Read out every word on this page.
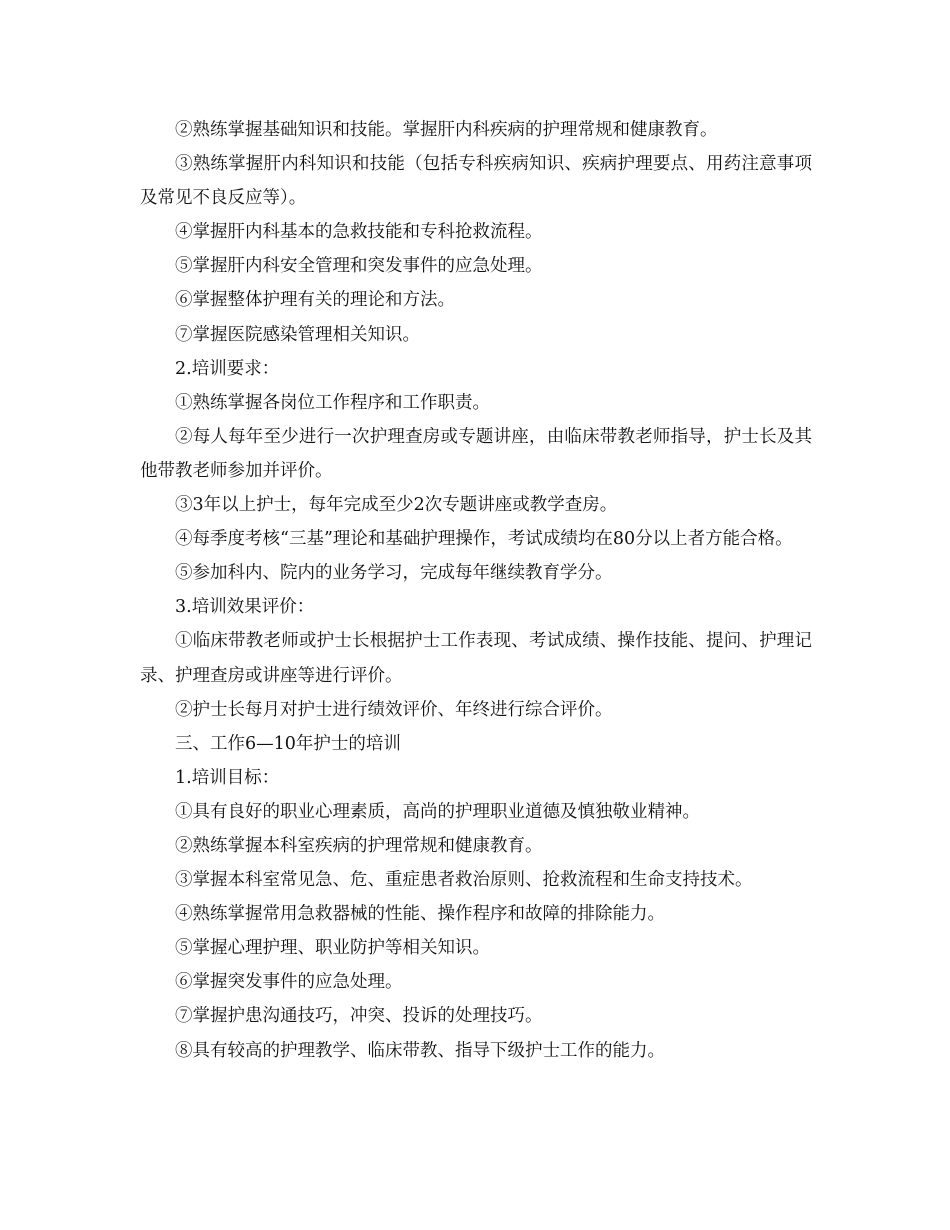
②熟练掌握基础知识和技能。掌握肝内科疾病的护理常规和健康教育。

③熟练掌握肝内科知识和技能（包括专科疾病知识、疾病护理要点、用药注意事项及常见不良反应等）。

④掌握肝内科基本的急救技能和专科抢救流程。

⑤掌握肝内科安全管理和突发事件的应急处理。

⑥掌握整体护理有关的理论和方法。

⑦掌握医院感染管理相关知识。

2.培训要求：

①熟练掌握各岗位工作程序和工作职责。

②每人每年至少进行一次护理查房或专题讲座，由临床带教老师指导，护士长及其他带教老师参加并评价。

③3年以上护士，每年完成至少2次专题讲座或教学查房。

④每季度考核“三基”理论和基础护理操作，考试成绩均在80分以上者方能合格。

⑤参加科内、院内的业务学习，完成每年继续教育学分。

3.培训效果评价：

①临床带教老师或护士长根据护士工作表现、考试成绩、操作技能、提问、护理记录、护理查房或讲座等进行评价。

②护士长每月对护士进行绩效评价、年终进行综合评价。

三、工作6—10年护士的培训

1.培训目标：

①具有良好的职业心理素质，高尚的护理职业道德及慎独敬业精神。

②熟练掌握本科室疾病的护理常规和健康教育。

③掌握本科室常见急、危、重症患者救治原则、抢救流程和生命支持技术。

④熟练掌握常用急救器械的性能、操作程序和故障的排除能力。

⑤掌握心理护理、职业防护等相关知识。

⑥掌握突发事件的应急处理。

⑦掌握护患沟通技巧，冲突、投诉的处理技巧。

⑧具有较高的护理教学、临床带教、指导下级护士工作的能力。
